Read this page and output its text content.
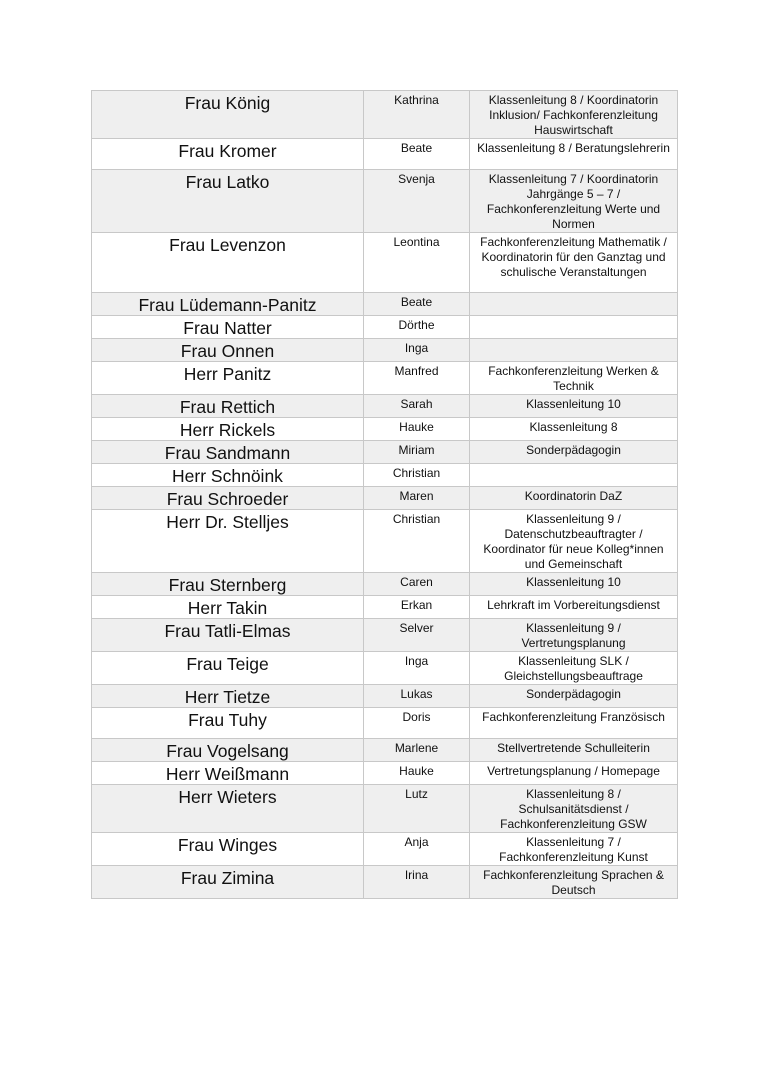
Frau König	Kathrina	Klassenleitung 8 / Koordinatorin Inklusion/ Fachkonferenzleitung Hauswirtschaft
Frau Kromer	Beate	Klassenleitung 8 / Beratungslehrerin
Frau Latko	Svenja	Klassenleitung 7 / Koordinatorin Jahrgänge 5 – 7 / Fachkonferenzleitung Werte und Normen
Frau Levenzon	Leontina	Fachkonferenzleitung Mathematik / Koordinatorin für den Ganztag und schulische Veranstaltungen
Frau Lüdemann-Panitz	Beate	
Frau Natter	Dörthe	
Frau Onnen	Inga	
Herr Panitz	Manfred	Fachkonferenzleitung Werken & Technik
Frau Rettich	Sarah	Klassenleitung 10
Herr Rickels	Hauke	Klassenleitung 8
Frau Sandmann	Miriam	Sonderpädagogin
Herr Schnöink	Christian	
Frau Schroeder	Maren	Koordinatorin DaZ
Herr Dr. Stelljes	Christian	Klassenleitung 9 / Datenschutzbeauftragter / Koordinator für neue Kolleg*innen und Gemeinschaft
Frau Sternberg	Caren	Klassenleitung 10
Herr Takin	Erkan	Lehrkraft im Vorbereitungsdienst
Frau Tatli-Elmas	Selver	Klassenleitung 9 / Vertretungsplanung
Frau Teige	Inga	Klassenleitung SLK / Gleichstellungsbeauftrage
Herr Tietze	Lukas	Sonderpädagogin
Frau Tuhy	Doris	Fachkonferenzleitung Französisch
Frau Vogelsang	Marlene	Stellvertretende Schulleiterin
Herr Weißmann	Hauke	Vertretungsplanung / Homepage
Herr Wieters	Lutz	Klassenleitung 8 / Schulsanitätsdienst / Fachkonferenzleitung GSW
Frau Winges	Anja	Klassenleitung 7 / Fachkonferenzleitung Kunst
Frau Zimina	Irina	Fachkonferenzleitung Sprachen & Deutsch
